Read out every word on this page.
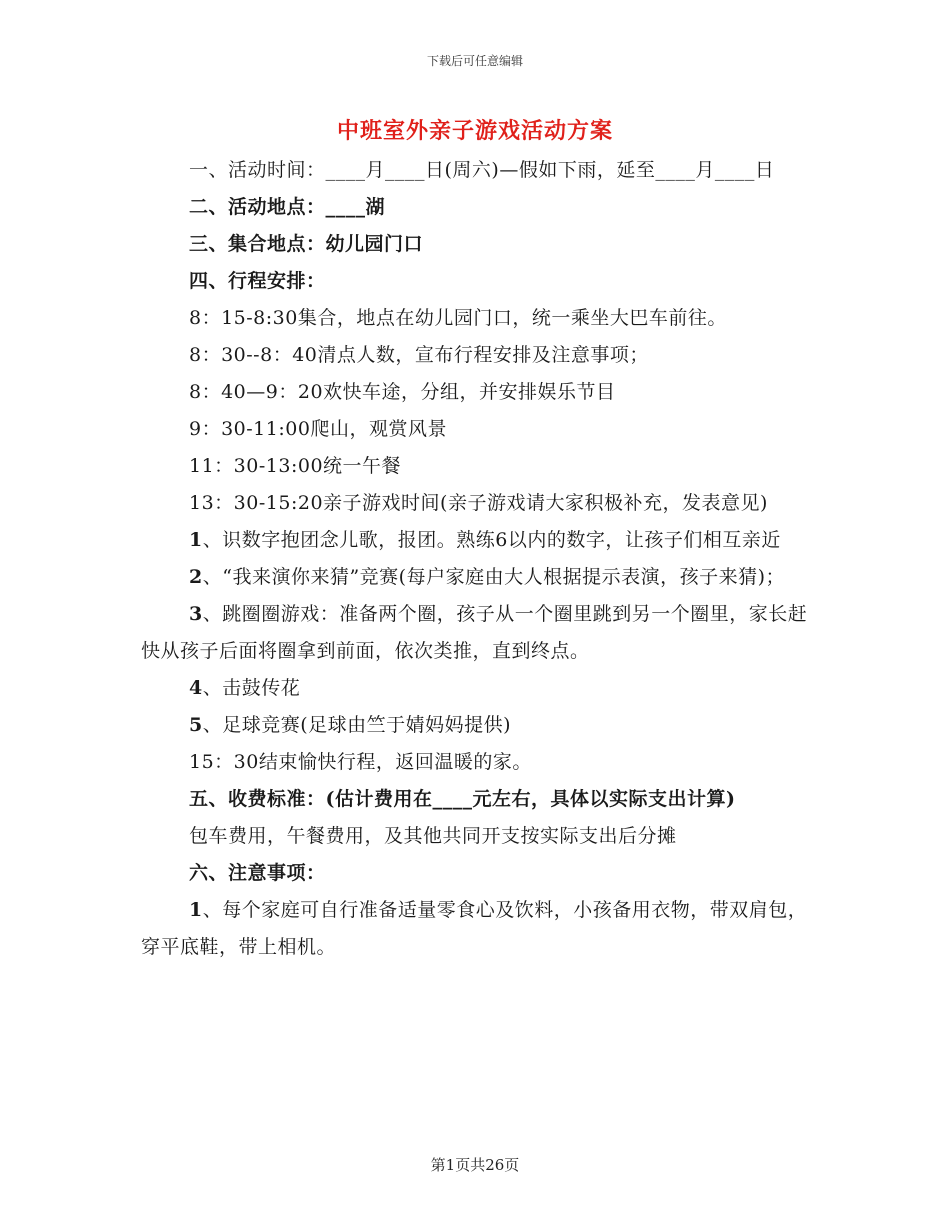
下载后可任意编辑
中班室外亲子游戏活动方案

一、活动时间：____月____日(周六)—假如下雨，延至____月____日

二、活动地点：____湖

三、集合地点：幼儿园门口

四、行程安排：

8：15-8:30集合，地点在幼儿园门口，统一乘坐大巴车前往。

8：30--8：40清点人数，宣布行程安排及注意事项；

8：40—9：20欢快车途，分组，并安排娱乐节目

9：30-11:00爬山，观赏风景

11：30-13:00统一午餐

13：30-15:20亲子游戏时间(亲子游戏请大家积极补充，发表意见)

1、识数字抱团念儿歌，报团。熟练6以内的数字，让孩子们相互亲近

2、“我来演你来猜”竞赛(每户家庭由大人根据提示表演，孩子来猜)；

3、跳圈圈游戏：准备两个圈，孩子从一个圈里跳到另一个圈里，家长赶快从孩子后面将圈拿到前面，依次类推，直到终点。

4、击鼓传花

5、足球竞赛(足球由竺于婧妈妈提供)

15：30结束愉快行程，返回温暖的家。

五、收费标准：(估计费用在____元左右，具体以实际支出计算)

包车费用，午餐费用，及其他共同开支按实际支出后分摊

六、注意事项：

1、每个家庭可自行准备适量零食心及饮料，小孩备用衣物，带双肩包，穿平底鞋，带上相机。

第1页共26页
